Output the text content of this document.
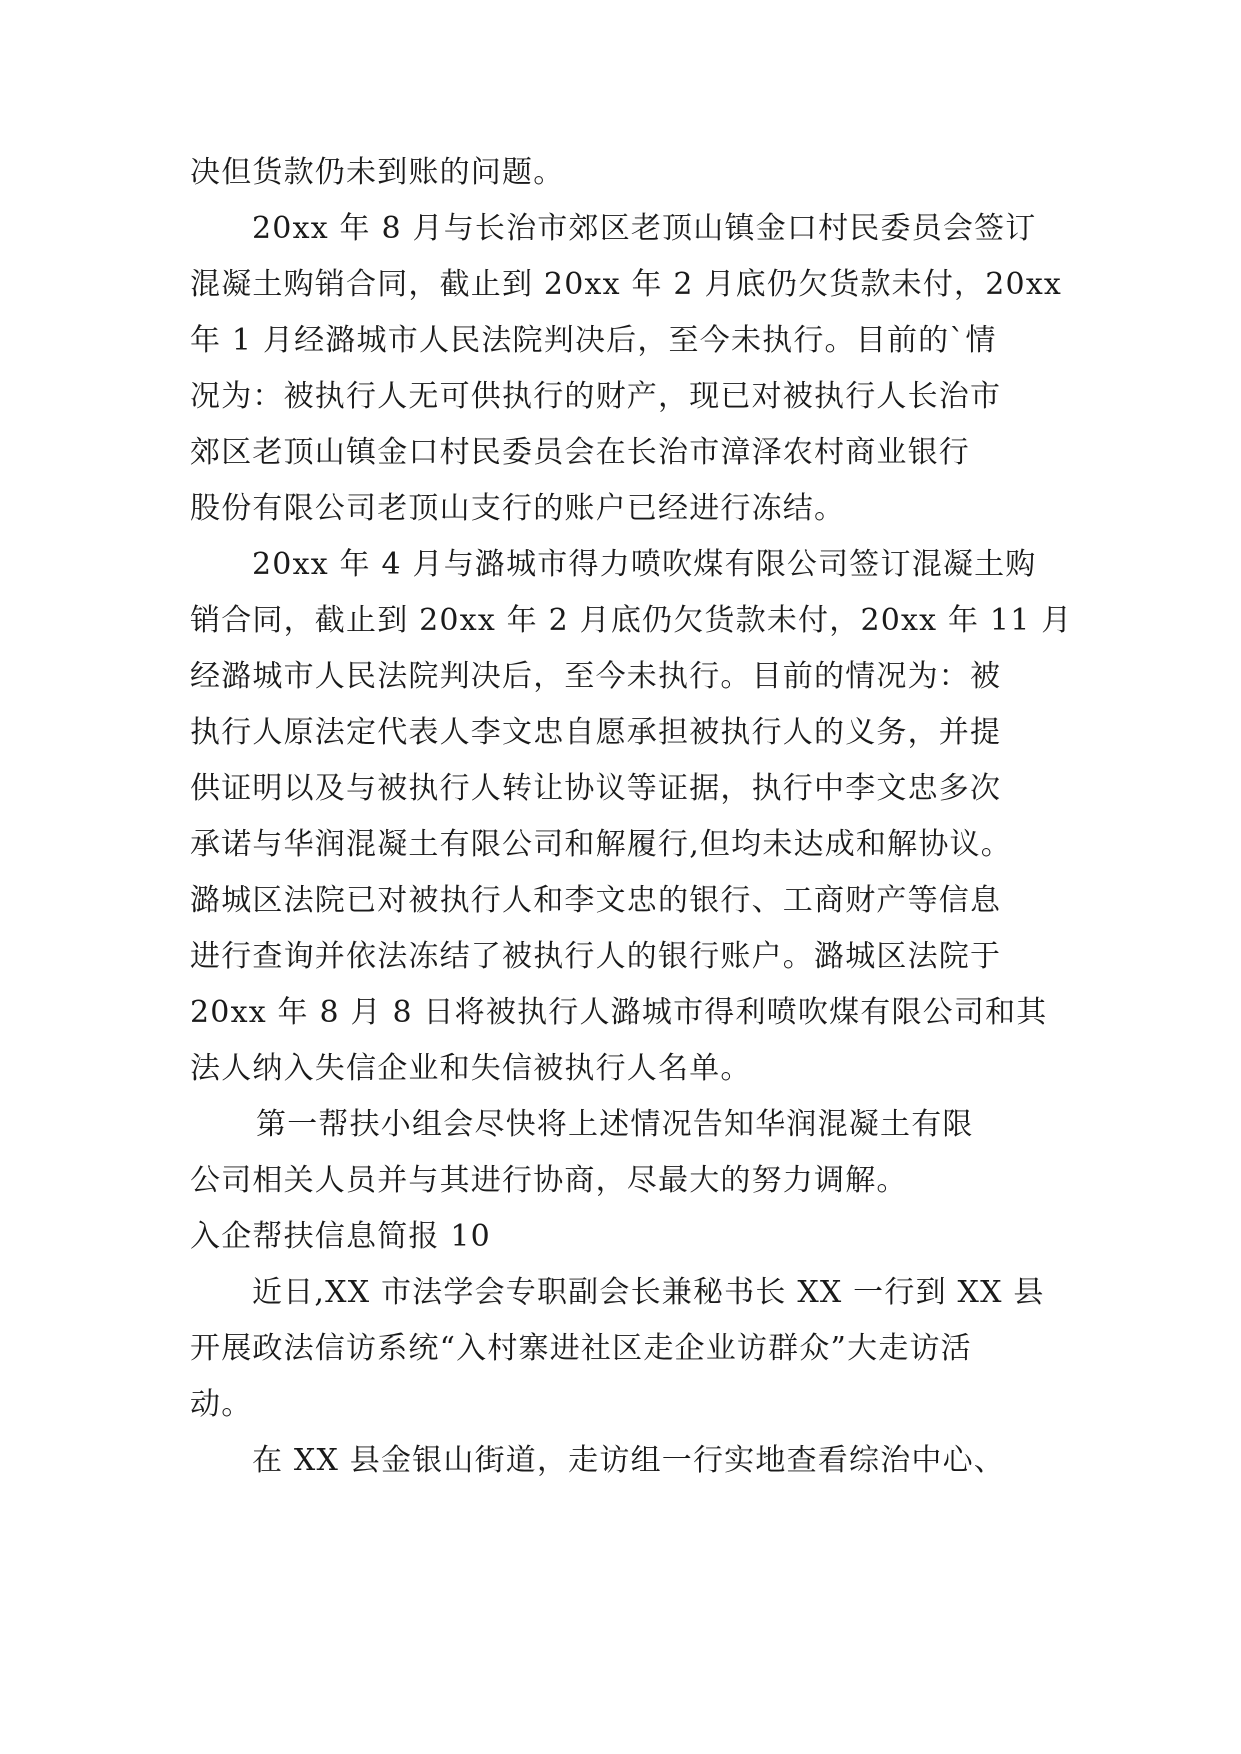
决但货款仍未到账的问题。
20xx 年 8 月与长治市郊区老顶山镇金口村民委员会签订
混凝土购销合同，截止到 20xx 年 2 月底仍欠货款未付，20xx
年 1 月经潞城市人民法院判决后，至今未执行。目前的`情
况为：被执行人无可供执行的财产，现已对被执行人长治市
郊区老顶山镇金口村民委员会在长治市漳泽农村商业银行
股份有限公司老顶山支行的账户已经进行冻结。
20xx 年 4 月与潞城市得力喷吹煤有限公司签订混凝土购
销合同，截止到 20xx 年 2 月底仍欠货款未付，20xx 年 11 月
经潞城市人民法院判决后，至今未执行。目前的情况为：被
执行人原法定代表人李文忠自愿承担被执行人的义务，并提
供证明以及与被执行人转让协议等证据，执行中李文忠多次
承诺与华润混凝土有限公司和解履行,但均未达成和解协议。
潞城区法院已对被执行人和李文忠的银行、工商财产等信息
进行查询并依法冻结了被执行人的银行账户。潞城区法院于
20xx 年 8 月 8 日将被执行人潞城市得利喷吹煤有限公司和其
法人纳入失信企业和失信被执行人名单。
第一帮扶小组会尽快将上述情况告知华润混凝土有限
公司相关人员并与其进行协商，尽最大的努力调解。
入企帮扶信息简报 10
近日,XX 市法学会专职副会长兼秘书长 XX 一行到 XX 县
开展政法信访系统“入村寨进社区走企业访群众”大走访活
动。
在 XX 县金银山街道，走访组一行实地查看综治中心、
